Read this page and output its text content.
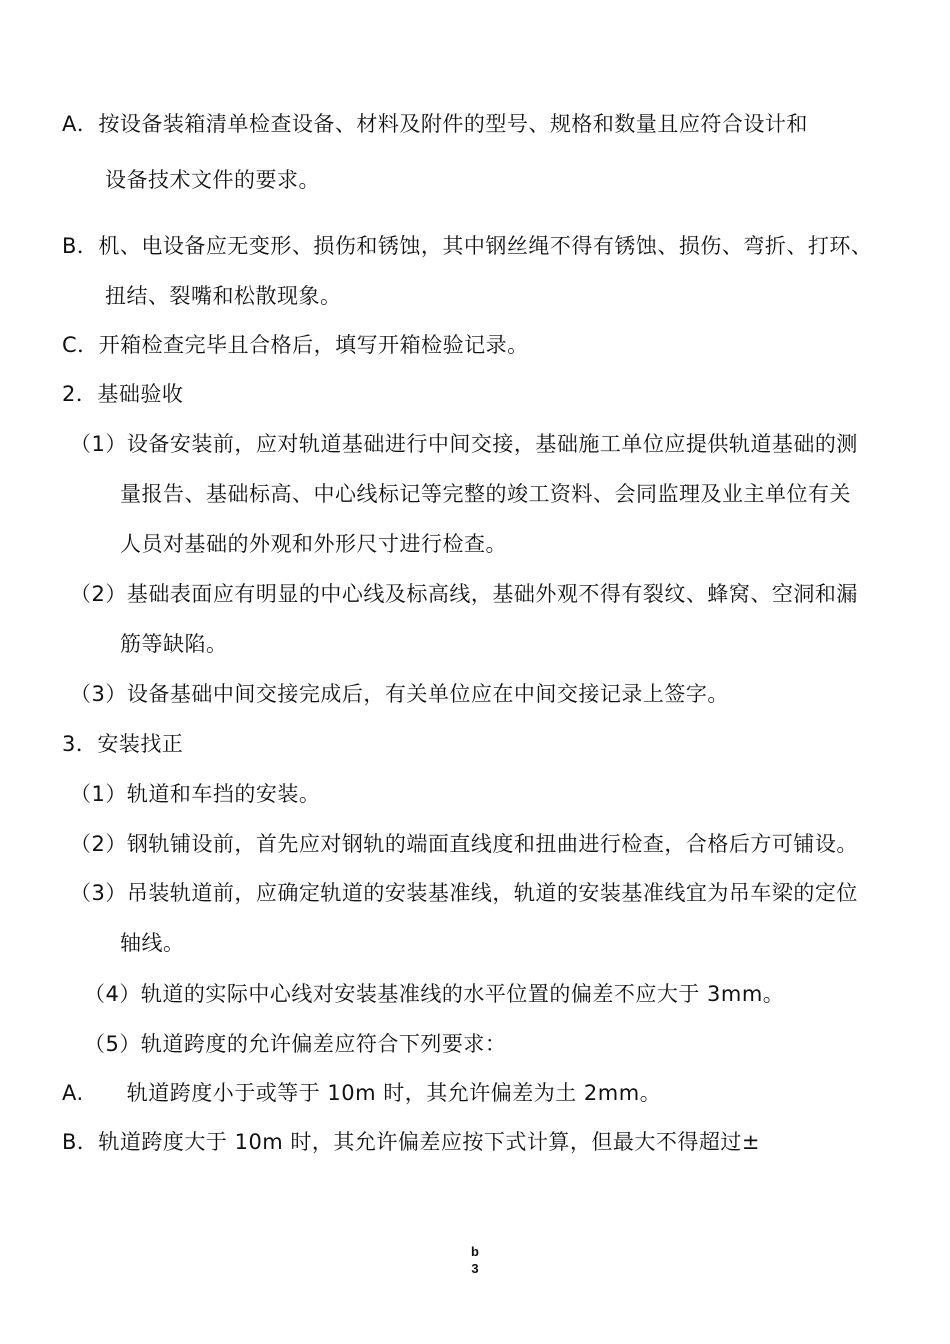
A．按设备装箱清单检查设备、材料及附件的型号、规格和数量且应符合设计和
设备技术文件的要求。
B．机、电设备应无变形、损伤和锈蚀，其中钢丝绳不得有锈蚀、损伤、弯折、打环、
扭结、裂嘴和松散现象。
C．开箱检查完毕且合格后，填写开箱检验记录。
2．基础验收
（1）设备安装前，应对轨道基础进行中间交接，基础施工单位应提供轨道基础的测
量报告、基础标高、中心线标记等完整的竣工资料、会同监理及业主单位有关
人员对基础的外观和外形尺寸进行检查。
（2）基础表面应有明显的中心线及标高线，基础外观不得有裂纹、蜂窝、空洞和漏
筋等缺陷。
（3）设备基础中间交接完成后，有关单位应在中间交接记录上签字。
3．安装找正
（1）轨道和车挡的安装。
（2）钢轨铺设前，首先应对钢轨的端面直线度和扭曲进行检查，合格后方可铺设。
（3）吊装轨道前，应确定轨道的安装基准线，轨道的安装基准线宜为吊车梁的定位
轴线。
（4）轨道的实际中心线对安装基准线的水平位置的偏差不应大于 3mm。
（5）轨道跨度的允许偏差应符合下列要求：
A.      轨道跨度小于或等于 10m 时，其允许偏差为土 2mm。
B．轨道跨度大于 10m 时，其允许偏差应按下式计算，但最大不得超过±
b
3
